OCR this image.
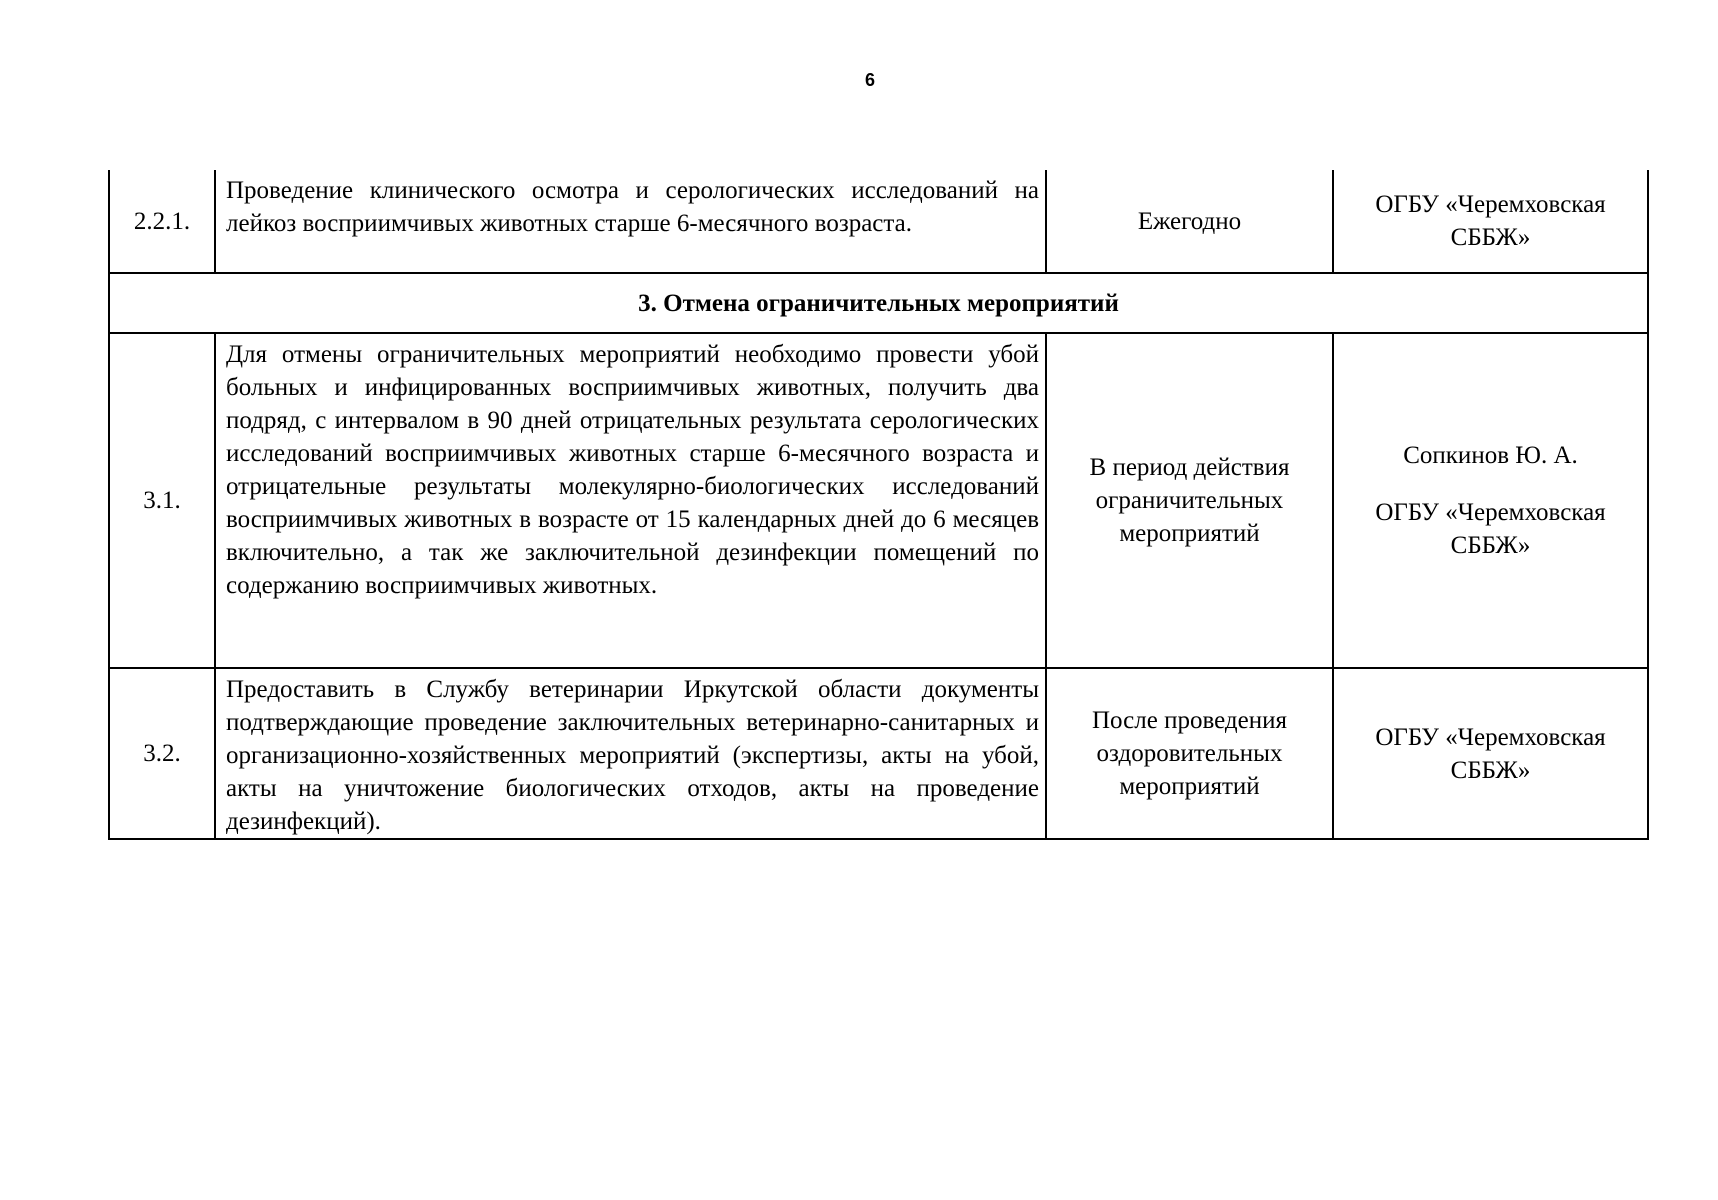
6
2.2.1.	Проведение клинического осмотра и серологических исследований на лейкоз восприимчивых животных старше 6-месячного возраста.	Ежегодно	ОГБУ «Черемховская СББЖ»

3. Отмена ограничительных мероприятий			
3.1.	Для отмены ограничительных мероприятий необходимо провести убой больных и инфицированных восприимчивых животных, получить два подряд, с интервалом в 90 дней отрицательных результата серологических исследований восприимчивых животных старше 6-месячного возраста и отрицательные результаты молекулярно-биологических исследований восприимчивых животных в возрасте от 15 календарных дней до 6 месяцев включительно, а так же заключительной дезинфекции помещений по содержанию восприимчивых животных.	В период действия ограничительных мероприятий	Сопкинов Ю. А.
ОГБУ «Черемховская СББЖ»

3.2.	Предоставить в Службу ветеринарии Иркутской области документы подтверждающие проведение заключительных ветеринарно-санитарных и организационно-хозяйственных мероприятий (экспертизы, акты на убой, акты на уничтожение биологических отходов, акты на проведение дезинфекций).	После проведения оздоровительных мероприятий	ОГБУ «Черемховская СББЖ»
